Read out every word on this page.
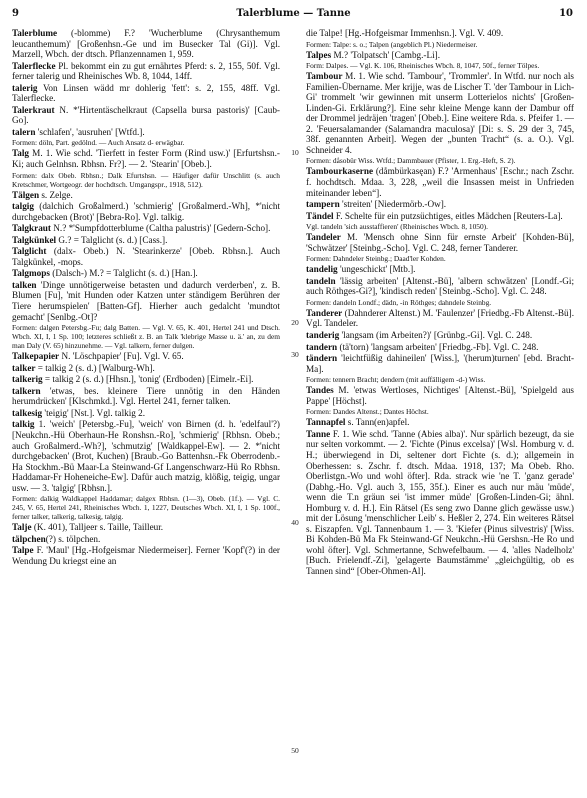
9	Talerblume — Tanne	10
10
20
30
40
50
Talerblume (-blomme) F.? 'Wucherblume (Chrysanthemum leucanthemum)' [Großenhsn.-Ge und im Busecker Tal (Gi)]. Vgl. Marzell, Wbch. der dtsch. Pflanzennamen 1, 959.
Talerflecke Pl. bekommt ein zu gut ernährtes Pferd: s. 2, 155, 50f. Vgl. ferner talerig und Rheinisches Wb. 8, 1044, 14ff.
talerig Von Linsen wädd mr dohlerig 'fett': s. 2, 155, 48ff. Vgl. Talerflecke.
Talerkraut N. *'Hirtentäschelkraut (Capsella bursa pastoris)' [Caub-Go].
talern 'schlafen', 'ausruhen' [Wtfd.].
Formen: döln, Part. gedölnd. — Auch Ansatz d- erwägbar.
Talg M. 1. Wie schd. 'Tierfett in fester Form (Rind usw.)' [Erfurtshsn.-Ki; auch Gelnhsn. Rbhsn. Fr?]. — 2. 'Stearin' [Obeb.].
Formen: dalx Obeb. Rbhsn.; Dalk Efurtshsn. — Häufiger dafür Unschlitt (s. auch Kretschmer, Wortgeogr. der hochdtsch. Umgangspr., 1918, 512).
Tälgen s. Zelge.
talgig (dalchich Großalmerd.) 'schmierig' [Großalmerd.-Wh], *'nicht durchgebacken (Brot)' [Bebra-Ro]. Vgl. talkig.
Talgkraut N.? *'Sumpfdotterblume (Caltha palustris)' [Gedern-Scho].
Talgkünkel G.? = Talglicht (s. d.) [Cass.].
Talglicht (dalx- Obeb.) N. 'Stearinkerze' [Obeb. Rbhsn.]. Auch Talgkünkel, -mops.
Talgmops (Dalsch-) M.? = Talglicht (s. d.) [Han.].
talken 'Dinge unnötigerweise betasten und dadurch verderben', z. B. Blumen [Fu], 'mit Hunden oder Katzen unter ständigem Berühren der Tiere herumspielen' [Batten-Gf]. Hierher auch gedalcht 'mundtot gemacht' [Senlbg.-Ot]?
Formen: dalgen Petersbg.-Fu; dalg Batten. — Vgl. V. 65, K. 401, Hertel 241 und Dtsch. Wbch. XI, I, 1 Sp. 100; letzteres schließt z. B. an Talk 'klebrige Masse u. ä.' an, zu dem man Daly (V. 65) hinzunehme. — Vgl. talkern, ferner dulgen.
Talkepapier N. 'Löschpapier' [Fu]. Vgl. V. 65.
talker = talkig 2 (s. d.) [Walburg-Wh].
talkerig = talkig 2 (s. d.) [Hhsn.], 'tonig' (Erdboden) [Eimelr.-Ei].
talkern 'etwas, bes. kleinere Tiere unnötig in den Händen herumdrücken' [Klschmkd.]. Vgl. Hertel 241, ferner talken.
talkesig 'teigig' [Nst.]. Vgl. talkig 2.
talkig 1. 'weich' [Petersbg.-Fu], 'weich' von Birnen (d. h. 'edelfaul'?) [Neukchn.-Hü Oberhaun-He Ronshsn.-Ro], 'schmierig' [Rbhsn. Obeb.; auch Großalmerd.-Wh?], 'schmutzig' [Waldkappel-Ew]. — 2. *'nicht durchgebacken' (Brot, Kuchen) [Braub.-Go Battenhsn.-Fk Oberrodenb.-Ha Stockhm.-Bü Maar-La Steinwand-Gf Langenschwarz-Hü Ro Rbhsn. Haddamar-Fr Hoheneiche-Ew]. Dafür auch matzig, klößig, teigig, ungar usw. — 3. 'talgig' [Rbhsn.].
Formen: dalkig Waldkappel Haddamar; dalgex Rbhsn. (1—3), Obeb. (1f.). — Vgl. C. 245, V. 65, Hertel 241, Rheinisches Wbch. 1, 1227, Deutsches Wbch. XI, I, 1 Sp. 100f., ferner talker, talkerig, talkesig, talgig.
Talje (K. 401), Talljeer s. Taille, Tailleur.
tälpchen(?) s. tölpchen.
Talpe F. 'Maul' [Hg.-Hofgeismar Niedermeiser]. Ferner 'Kopf'(?) in der Wendung Du kriegst eine an
die Talpe! [Hg.-Hofgeismar Immenhsn.]. Vgl. V. 409.
Formen: Talpe: s. o.; Talpen (angeblich Pl.) Niedermeiser.
Talpes M.? 'Tolpatsch' [Cambg.-Li].
Form: Dalpes. — Vgl. K. 106, Rheinisches Wbch. 8, 1047, 50f., ferner Tölpes.
Tambour M. 1. Wie schd. 'Tambour', 'Trommler'. In Wtfd. nur noch als Familien-Übername. Mer krijje, was de Lischer T. 'der Tambour in Lich-Gi' trommelt 'wir gewinnen mit unserm Lotterielos nichts' [Großen-Linden-Gi. Erklärung?]. Eine sehr kleine Menge kann der Dambur off der Drommel jedräjen 'tragen' [Obeb.]. Eine weitere Rda. s. Pfeifer 1. — 2. 'Feuersalamander (Salamandra maculosa)' [Di: s. S. 29 der 3, 745, 38f. genannten Arbeit]. Wegen der „bunten Tracht“ (s. a. O.). Vgl. Schneider 4.
Formen: dåsobür Wiss. Wtfd.; Dammbauer (Pfister, 1. Erg.-Heft, S. 2).
Tambourkaserne (dåmbürkasęan) F.? 'Armenhaus' [Eschr.; nach Zschr. f. hochdtsch. Mdaa. 3, 228, „weil die Insassen meist in Unfrieden miteinander leben“].
tampern 'streiten' [Niedermörb.-Ow].
Tändel F. Schelte für ein putzsüchtiges, eitles Mädchen [Reuters-La].
Vgl. tandeln 'sich ausstaffieren' (Rheinisches Wbch. 8, 1050).
Tandeler M. 'Mensch ohne Sinn für ernste Arbeit' [Kohden-Bü], 'Schwätzer' [Steinbg.-Scho]. Vgl. C. 248, ferner Tanderer.
Formen: Dahndeler Steinbg.; Daad'ler Kohden.
tandelig 'ungeschickt' [Mtb.].
tandeln 'lässig arbeiten' [Altenst.-Bü], 'albern schwätzen' [Londf.-Gi; auch Röthges-Gi?], 'kindisch reden' [Steinbg.-Scho]. Vgl. C. 248.
Formen: dandeln Londf.; dädn, -in Röthges; dahndele Steinbg.
Tanderer (Dahnderer Altenst.) M. 'Faulenzer' [Friedbg.-Fb Altenst.-Bü]. Vgl. Tandeler.
tanderig 'langsam (im Arbeiten?)' [Grünbg.-Gi]. Vgl. C. 248.
tandern (tä'torn) 'langsam arbeiten' [Friedbg.-Fb]. Vgl. C. 248.
tändern 'leichtfüßig dahineilen' [Wiss.], '(herum)turnen' [ebd. Bracht-Ma].
Formen: tennern Bracht; dendern (mit auffälligem -d-) Wiss.
Tandes M. 'etwas Wertloses, Nichtiges' [Altenst.-Bü], 'Spielgeld aus Pappe' [Höchst].
Formen: Dandes Altenst.; Dantes Höchst.
Tannapfel s. Tann(en)apfel.
Tanne F. 1. Wie schd. 'Tanne (Abies alba)'. Nur spärlich bezeugt, da sie nur selten vorkommt. — 2. 'Fichte (Pinus excelsa)' [Wsl. Homburg v. d. H.; überwiegend in Di, seltener dort Fichte (s. d.); allgemein in Oberhessen: s. Zschr. f. dtsch. Mdaa. 1918, 137; Ma Obeb. Rho. Oberlistgn.-Wo und wohl öfter]. Rda. strack wie 'ne T. 'ganz gerade' (Dabhg.-Ho. Vgl. auch 3, 155, 35f.). Einer es auch nur mäu 'müde', wenn die T.n gräun sei 'ist immer müde' [Großen-Linden-Gi; ähnl. Homburg v. d. H.]. Ein Rätsel (Es seng zwo Danne glich gewässe usw.) mit der Lösung 'menschlicher Leib' s. Heßler 2, 274. Ein weiteres Rätsel s. Eiszapfen. Vgl. Tannenbaum 1. — 3. 'Kiefer (Pinus silvestris)' [Wiss. Bi Kohden-Bü Ma Fk Steinwand-Gf Neukchn.-Hü Gershsn.-He Ro und wohl öfter]. Vgl. Schmertanne, Schwefelbaum. — 4. 'alles Nadelholz' [Buch. Frielendf.-Zi], 'gelagerte Baumstämme' „gleichgültig, ob es Tannen sind“ [Ober-Ohmen-Al].
